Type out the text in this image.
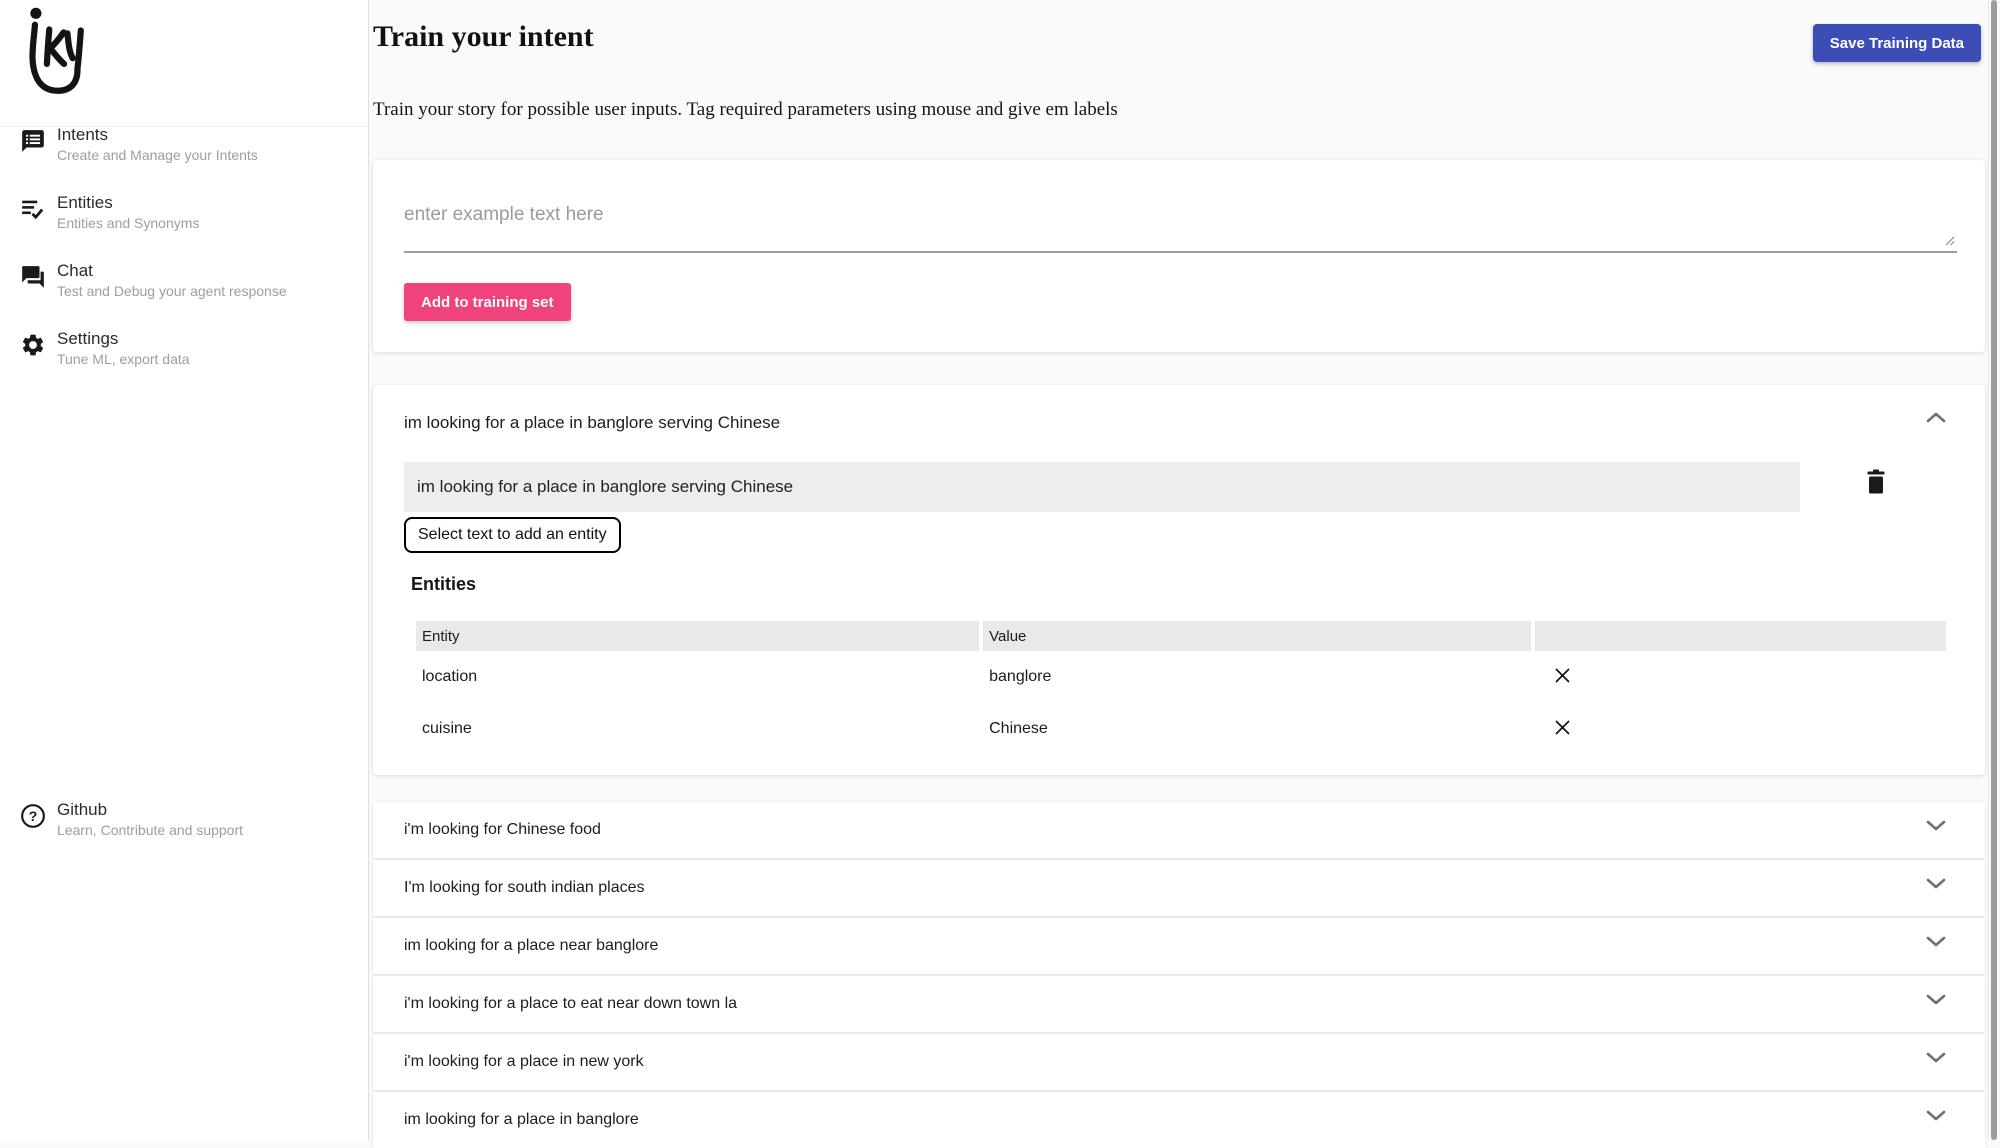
Intents
Create and Manage your Intents
Entities
Entities and Synonyms
Chat
Test and Debug your agent response
Settings
Tune ML, export data
? Github
Learn, Contribute and support
Train your intent	Save Training Data

Train your story for possible user inputs. Tag required parameters using mouse and give em labels

enter example text here
Add to training set
im looking for a place in banglore serving Chinese
im looking for a place in banglore serving Chinese
Select text to add an entity
Entities
Entity	Value	
location	banglore	
cuisine	Chinese	
i'm looking for Chinese food
I'm looking for south indian places
im looking for a place near banglore
i'm looking for a place to eat near down town la
i'm looking for a place in new york
im looking for a place in banglore
